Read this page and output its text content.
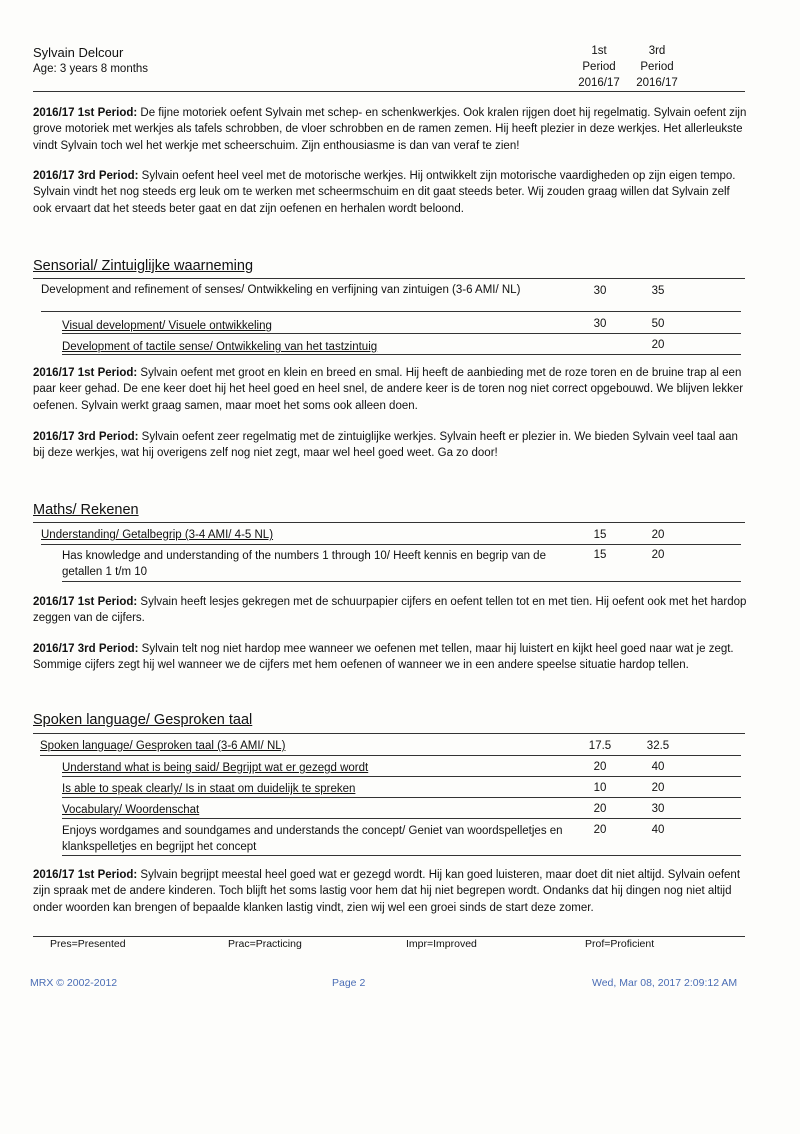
Sylvain Delcour
Age: 3 years 8 months
1st
Period
2016/17
3rd
Period
2016/17
2016/17 1st Period: De fijne motoriek oefent Sylvain met schep- en schenkwerkjes. Ook kralen rijgen doet hij regelmatig. Sylvain oefent zijn grove motoriek met werkjes als tafels schrobben, de vloer schrobben en de ramen zemen. Hij heeft plezier in deze werkjes. Het allerleukste vindt Sylvain toch wel het werkje met scheerschuim. Zijn enthousiasme is dan van veraf te zien!
2016/17 3rd Period: Sylvain oefent heel veel met de motorische werkjes. Hij ontwikkelt zijn motorische vaardigheden op zijn eigen tempo. Sylvain vindt het nog steeds erg leuk om te werken met scheermschuim en dit gaat steeds beter. Wij zouden graag willen dat Sylvain zelf ook ervaart dat het steeds beter gaat en dat zijn oefenen en herhalen wordt beloond.
Sensorial/ Zintuiglijke waarneming
Development and refinement of senses/ Ontwikkeling en verfijning van zintuigen (3-6 AMI/ NL)	30	35
Visual development/ Visuele ontwikkeling	30	50
Development of tactile sense/ Ontwikkeling van het tastzintuig	20
2016/17 1st Period: Sylvain oefent met groot en klein en breed en smal. Hij heeft de aanbieding met de roze toren en de bruine trap al een paar keer gehad. De ene keer doet hij het heel goed en heel snel, de andere keer is de toren nog niet correct opgebouwd. We blijven lekker oefenen. Sylvain werkt graag samen, maar moet het soms ook alleen doen.
2016/17 3rd Period: Sylvain oefent zeer regelmatig met de zintuiglijke werkjes. Sylvain heeft er plezier in. We bieden Sylvain veel taal aan bij deze werkjes, wat hij overigens zelf nog niet zegt, maar wel heel goed weet. Ga zo door!
Maths/ Rekenen
Understanding/ Getalbegrip (3-4 AMI/ 4-5 NL)	15	20
Has knowledge and understanding of the numbers 1 through 10/ Heeft kennis en begrip van de getallen 1 t/m 10
15	20
2016/17 1st Period: Sylvain heeft lesjes gekregen met de schuurpapier cijfers en oefent tellen tot en met tien. Hij oefent ook met het hardop zeggen van de cijfers.
2016/17 3rd Period: Sylvain telt nog niet hardop mee wanneer we oefenen met tellen, maar hij luistert en kijkt heel goed naar wat je zegt. Sommige cijfers zegt hij wel wanneer we de cijfers met hem oefenen of wanneer we in een andere speelse situatie hardop tellen.
Spoken language/ Gesproken taal
Spoken language/ Gesproken taal (3-6 AMI/ NL)	17.5	32.5
Understand what is being said/ Begrijpt wat er gezegd wordt	20	40
Is able to speak clearly/ Is in staat om duidelijk te spreken	10	20
Vocabulary/ Woordenschat	20	30
Enjoys wordgames and soundgames and understands the concept/ Geniet van woordspelletjes en klankspelletjes en begrijpt het concept
20	40
2016/17 1st Period: Sylvain begrijpt meestal heel goed wat er gezegd wordt. Hij kan goed luisteren, maar doet dit niet altijd. Sylvain oefent zijn spraak met de andere kinderen. Toch blijft het soms lastig voor hem dat hij niet begrepen wordt. Ondanks dat hij dingen nog niet altijd onder woorden kan brengen of bepaalde klanken lastig vindt, zien wij wel een groei sinds de start deze zomer.
Pres=Presented	Prac=Practicing	Impr=Improved	Prof=Proficient
MRX © 2002-2012	Page 2	Wed, Mar 08, 2017 2:09:12 AM
